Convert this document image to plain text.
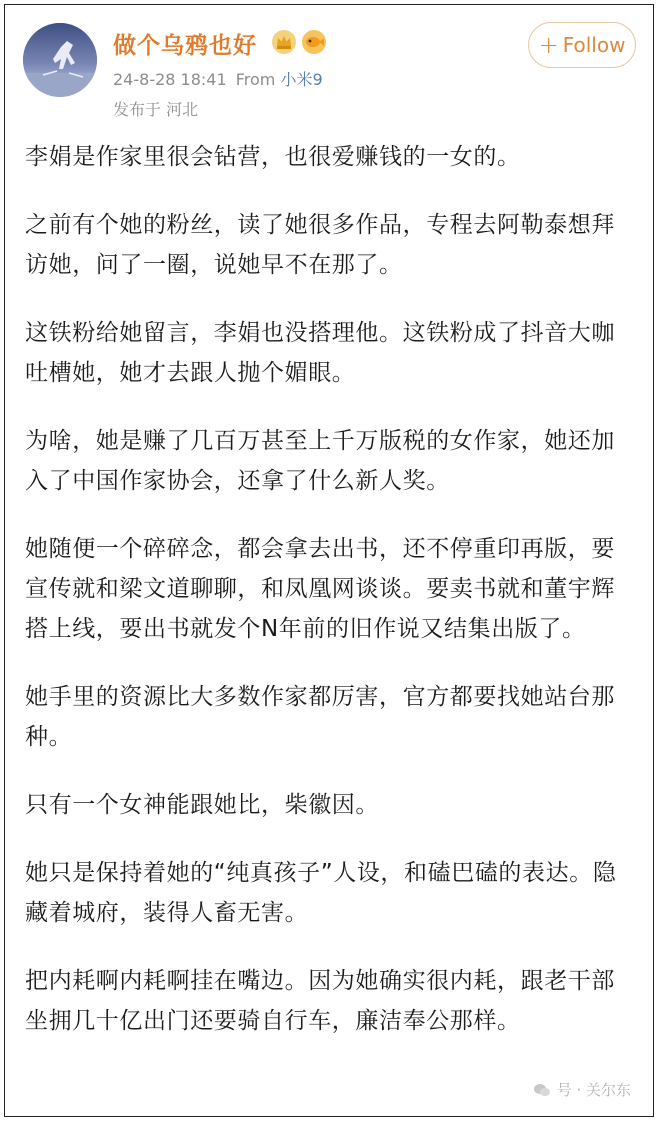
做个乌鸦也好	+ Follow
24-8-28 18:41 From 小米9
发布于 河北

李娟是作家里很会钻营，也很爱赚钱的一女的。

之前有个她的粉丝，读了她很多作品，专程去阿勒泰想拜访她，问了一圈，说她早不在那了。

这铁粉给她留言，李娟也没搭理他。这铁粉成了抖音大咖吐槽她，她才去跟人抛个媚眼。

为啥，她是赚了几百万甚至上千万版税的女作家，她还加入了中国作家协会，还拿了什么新人奖。

她随便一个碎碎念，都会拿去出书，还不停重印再版，要宣传就和梁文道聊聊，和凤凰网谈谈。要卖书就和董宇辉搭上线，要出书就发个N年前的旧作说又结集出版了。

她手里的资源比大多数作家都厉害，官方都要找她站台那种。

只有一个女神能跟她比，柴徽因。

她只是保持着她的“纯真孩子”人设，和磕巴磕的表达。隐藏着城府，装得人畜无害。

把内耗啊内耗啊挂在嘴边。因为她确实很内耗，跟老干部坐拥几十亿出门还要骑自行车，廉洁奉公那样。

号 · 关尔东
